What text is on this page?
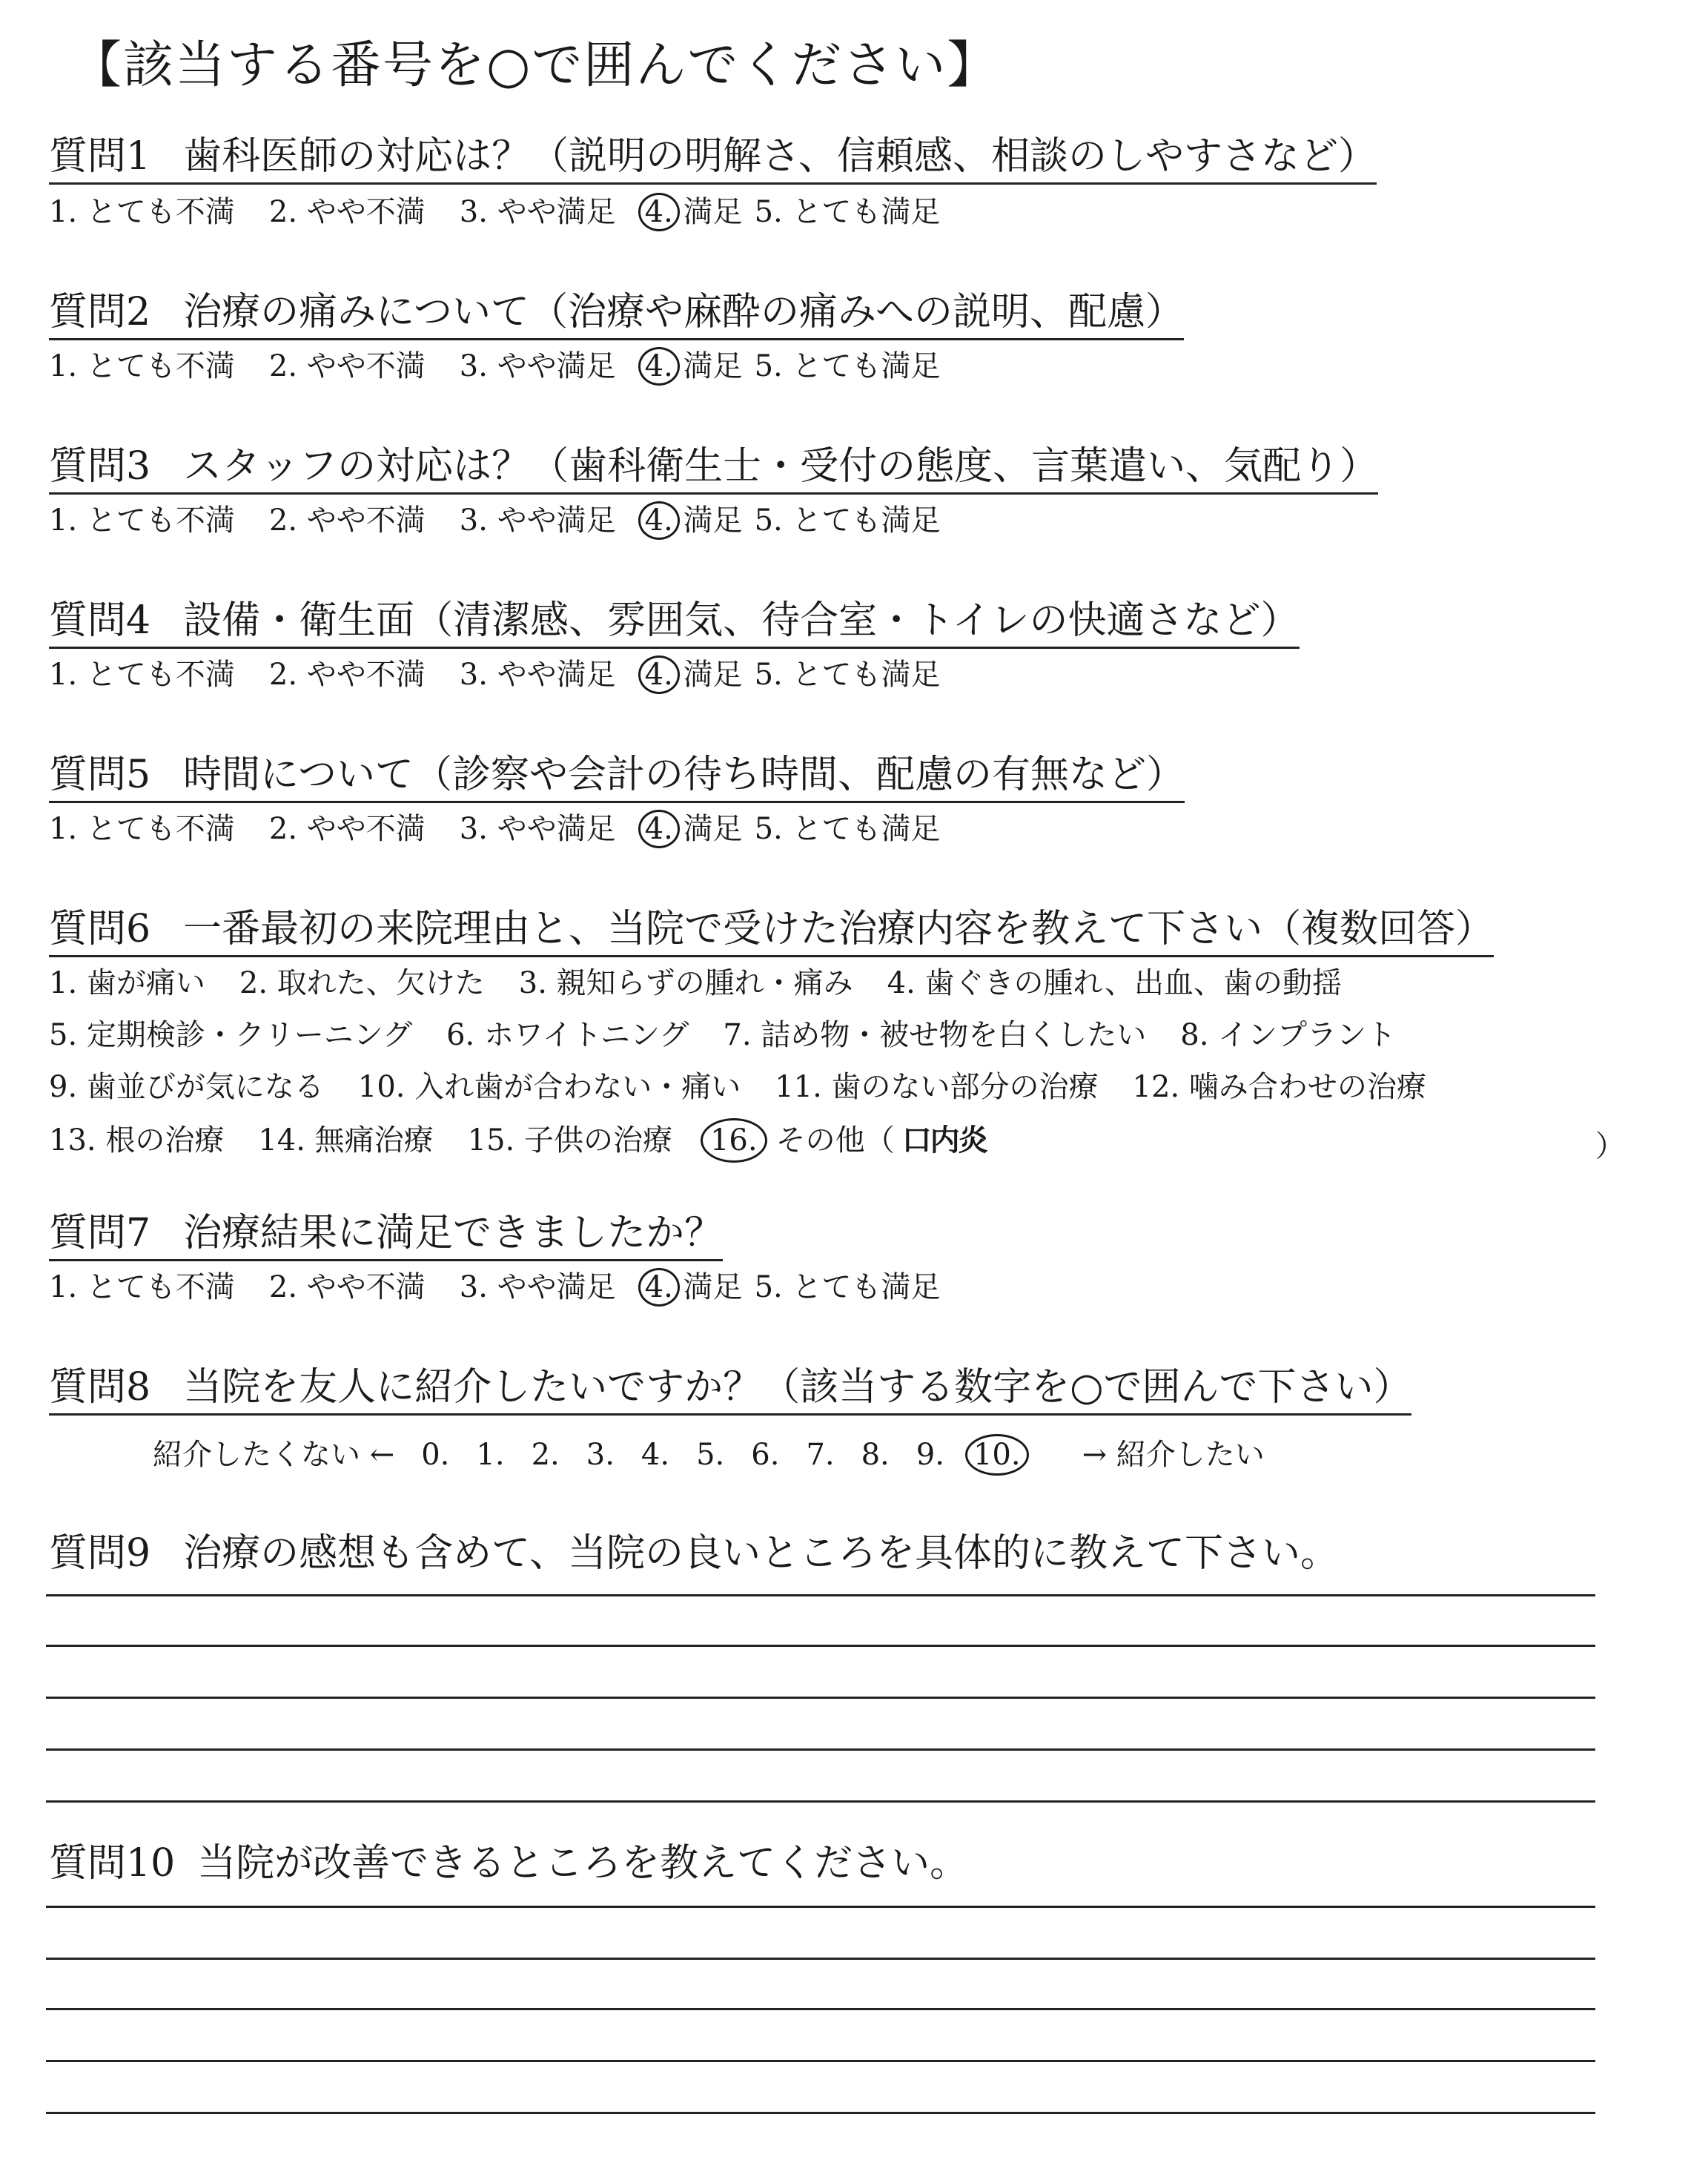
【該当する番号を○で囲んでください】
質問1 歯科医師の対応は？（説明の明解さ、信頼感、相談のしやすさなど）
1. とても不満 2. やや不満 3. やや満足 4. 満足 5. とても満足
質問2 治療の痛みについて（治療や麻酔の痛みへの説明、配慮）
1. とても不満 2. やや不満 3. やや満足 4. 満足 5. とても満足
質問3 スタッフの対応は？（歯科衛生士・受付の態度、言葉遣い、気配り）
1. とても不満 2. やや不満 3. やや満足 4. 満足 5. とても満足
質問4 設備・衛生面（清潔感、雰囲気、待合室・トイレの快適さなど）
1. とても不満 2. やや不満 3. やや満足 4. 満足 5. とても満足
質問5 時間について（診察や会計の待ち時間、配慮の有無など）
1. とても不満 2. やや不満 3. やや満足 4. 満足 5. とても満足
質問6 一番最初の来院理由と、当院で受けた治療内容を教えて下さい（複数回答）
1. 歯が痛い 2. 取れた、欠けた 3. 親知らずの腫れ・痛み 4. 歯ぐきの腫れ、出血、歯の動揺
5. 定期検診・クリーニング 6. ホワイトニング 7. 詰め物・被せ物を白くしたい 8. インプラント
9. 歯並びが気になる 10. 入れ歯が合わない・痛い 11. 歯のない部分の治療 12. 噛み合わせの治療
13. 根の治療 14. 無痛治療 15. 子供の治療 16. その他（ 口内炎	）
質問7 治療結果に満足できましたか？
1. とても不満 2. やや不満 3. やや満足 4. 満足 5. とても満足
質問8 当院を友人に紹介したいですか？（該当する数字を○で囲んで下さい）
紹介したくない ← 0. 1. 2. 3. 4. 5. 6. 7. 8. 9. 10. → 紹介したい
質問9 治療の感想も含めて、当院の良いところを具体的に教えて下さい。
質問10 当院が改善できるところを教えてください。
